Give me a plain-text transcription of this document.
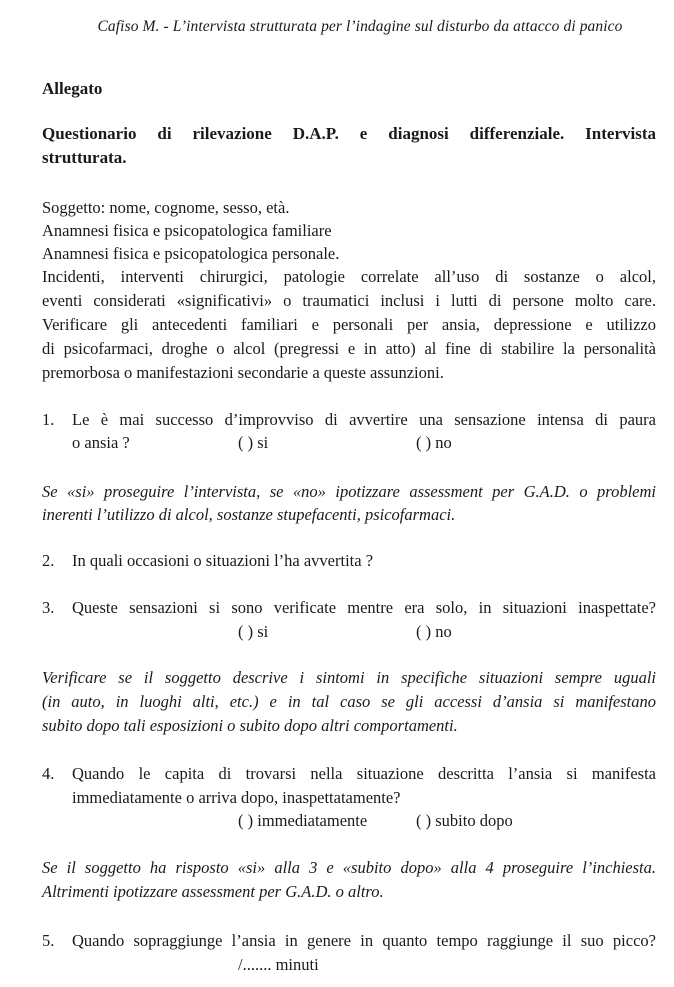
Cafiso M. - L’intervista strutturata per l’indagine sul disturbo da attacco di panico
Allegato
Questionario di rilevazione D.A.P. e diagnosi differenziale. Intervista
strutturata.
Soggetto: nome, cognome, sesso, età.
Anamnesi fisica e psicopatologica familiare
Anamnesi fisica e psicopatologica personale.
Incidenti, interventi chirurgici, patologie correlate all’uso di sostanze o alcol,
eventi considerati «significativi» o traumatici inclusi i lutti di persone molto care.
Verificare gli antecedenti familiari e personali per ansia, depressione e utilizzo
di psicofarmaci, droghe o alcol (pregressi e in atto) al fine di stabilire la personalità
premorbosa o manifestazioni secondarie a queste assunzioni.
1. Le è mai successo d’improvviso di avvertire una sensazione intensa di paura
o ansia ?	( ) si	( ) no
Se «si» proseguire l’intervista, se «no» ipotizzare assessment per G.A.D. o problemi
inerenti l’utilizzo di alcol, sostanze stupefacenti, psicofarmaci.
2. In quali occasioni o situazioni l’ha avvertita ?
3. Queste sensazioni si sono verificate mentre era solo, in situazioni inaspettate?
( ) si	( ) no
Verificare se il soggetto descrive i sintomi in specifiche situazioni sempre uguali
(in auto, in luoghi alti, etc.) e in tal caso se gli accessi d’ansia si manifestano
subito dopo tali esposizioni o subito dopo altri comportamenti.
4. Quando le capita di trovarsi nella situazione descritta l’ansia si manifesta
immediatamente o arriva dopo, inaspettatamente?
( ) immediatamente	( ) subito dopo
Se il soggetto ha risposto «si» alla 3 e «subito dopo» alla 4 proseguire l’inchiesta.
Altrimenti ipotizzare assessment per G.A.D. o altro.
5. Quando sopraggiunge l’ansia in genere in quanto tempo raggiunge il suo picco?
/....... minuti
